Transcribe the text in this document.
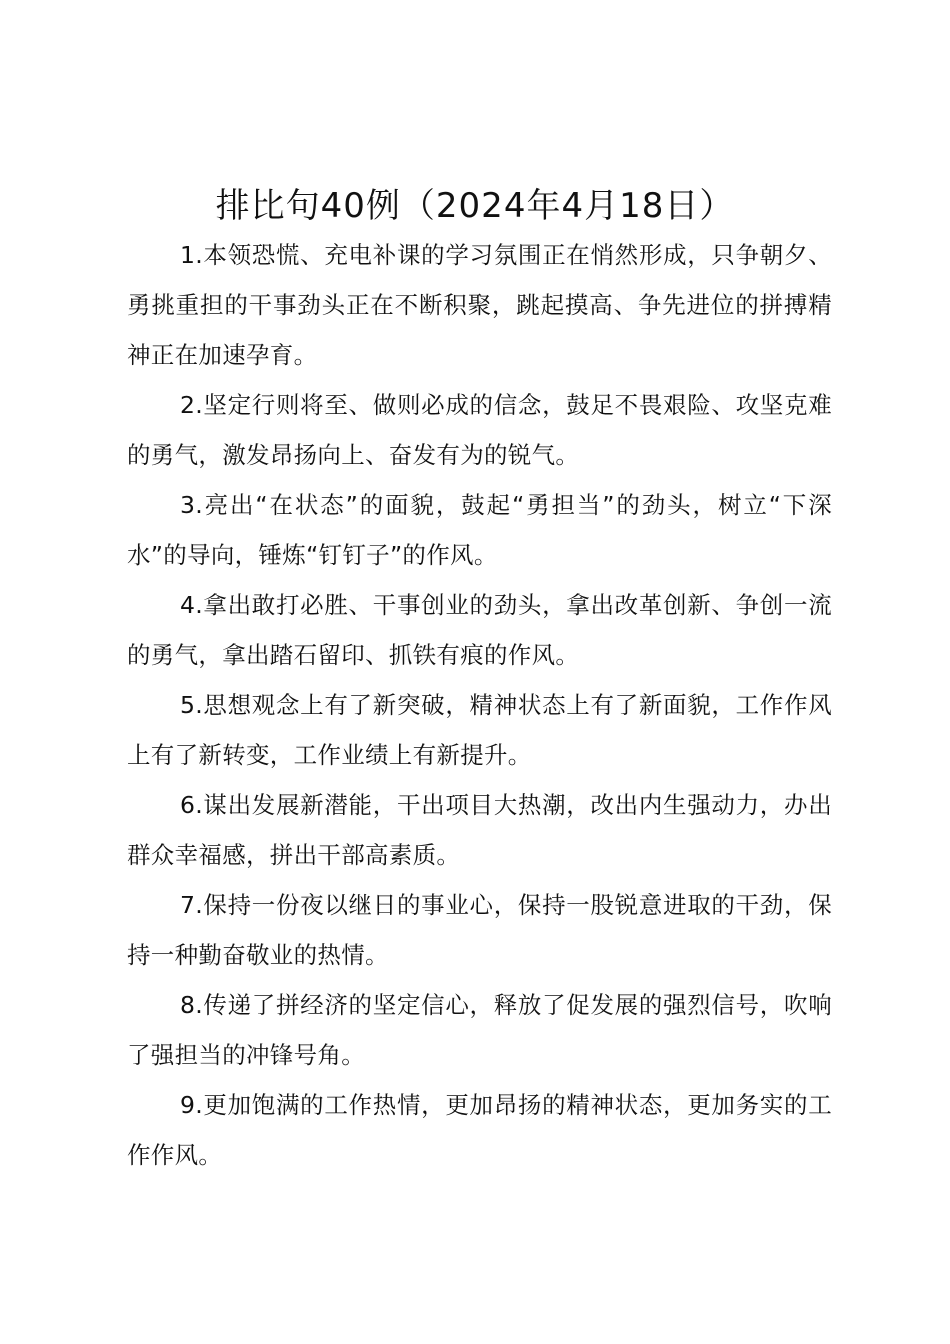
排比句40例（2024年4月18日）

1.本领恐慌、充电补课的学习氛围正在悄然形成，只争朝夕、勇挑重担的干事劲头正在不断积聚，跳起摸高、争先进位的拼搏精神正在加速孕育。

2.坚定行则将至、做则必成的信念，鼓足不畏艰险、攻坚克难的勇气，激发昂扬向上、奋发有为的锐气。

3.亮出“在状态”的面貌，鼓起“勇担当”的劲头，树立“下深水”的导向，锤炼“钉钉子”的作风。

4.拿出敢打必胜、干事创业的劲头，拿出改革创新、争创一流的勇气，拿出踏石留印、抓铁有痕的作风。

5.思想观念上有了新突破，精神状态上有了新面貌，工作作风上有了新转变，工作业绩上有新提升。

6.谋出发展新潜能，干出项目大热潮，改出内生强动力，办出群众幸福感，拼出干部高素质。

7.保持一份夜以继日的事业心，保持一股锐意进取的干劲，保持一种勤奋敬业的热情。

8.传递了拼经济的坚定信心，释放了促发展的强烈信号，吹响了强担当的冲锋号角。

9.更加饱满的工作热情，更加昂扬的精神状态，更加务实的工作作风。
